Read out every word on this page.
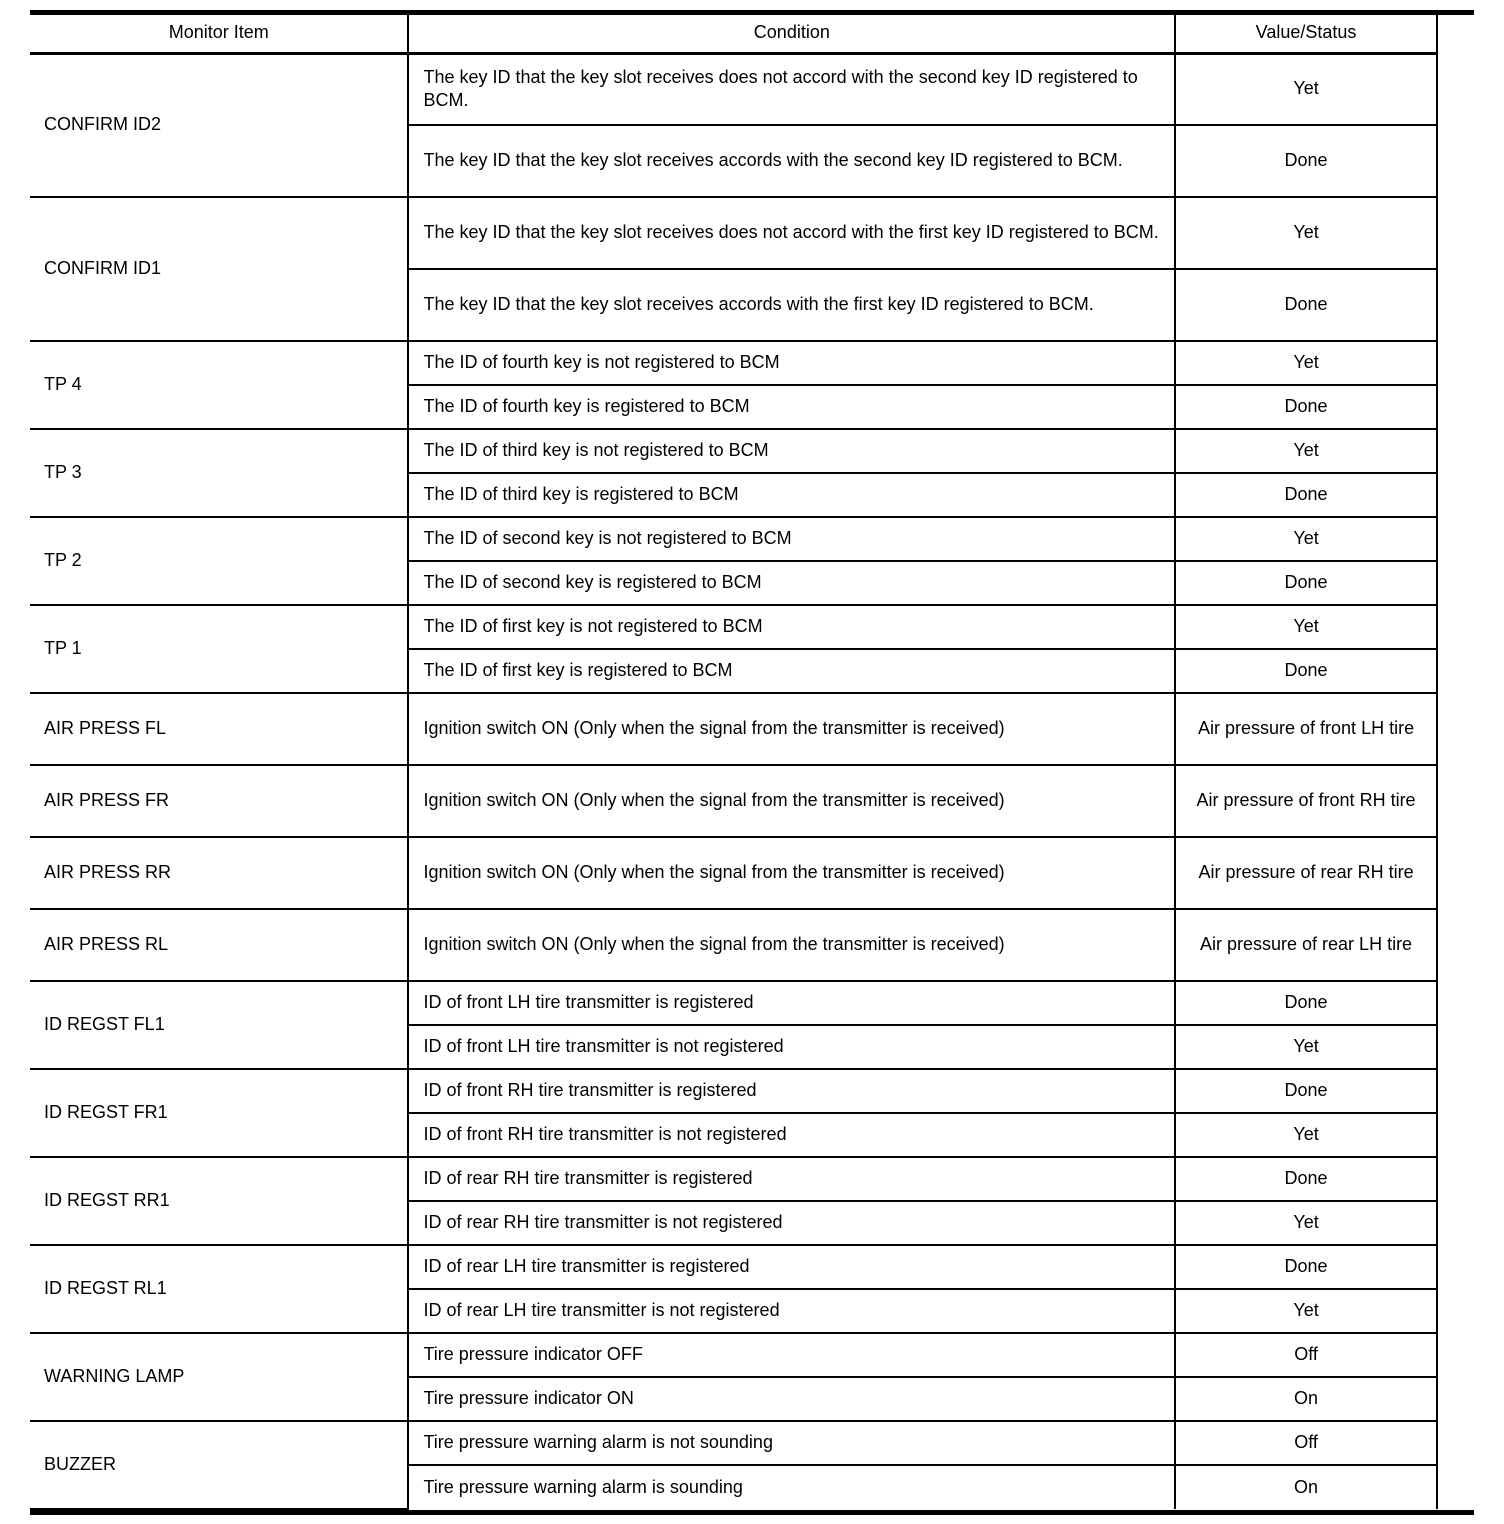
Monitor Item	Condition	Value/Status
CONFIRM ID2	The key ID that the key slot receives does not accord with the second key ID registered to BCM.	Yet
	The key ID that the key slot receives accords with the second key ID registered to BCM.	Done
CONFIRM ID1	The key ID that the key slot receives does not accord with the first key ID registered to BCM.	Yet
	The key ID that the key slot receives accords with the first key ID registered to BCM.	Done
TP 4	The ID of fourth key is not registered to BCM	Yet
	The ID of fourth key is registered to BCM	Done
TP 3	The ID of third key is not registered to BCM	Yet
	The ID of third key is registered to BCM	Done
TP 2	The ID of second key is not registered to BCM	Yet
	The ID of second key is registered to BCM	Done
TP 1	The ID of first key is not registered to BCM	Yet
	The ID of first key is registered to BCM	Done
AIR PRESS FL	Ignition switch ON (Only when the signal from the transmitter is received)	Air pressure of front LH tire
AIR PRESS FR	Ignition switch ON (Only when the signal from the transmitter is received)	Air pressure of front RH tire
AIR PRESS RR	Ignition switch ON (Only when the signal from the transmitter is received)	Air pressure of rear RH tire
AIR PRESS RL	Ignition switch ON (Only when the signal from the transmitter is received)	Air pressure of rear LH tire
ID REGST FL1	ID of front LH tire transmitter is registered	Done
	ID of front LH tire transmitter is not registered	Yet
ID REGST FR1	ID of front RH tire transmitter is registered	Done
	ID of front RH tire transmitter is not registered	Yet
ID REGST RR1	ID of rear RH tire transmitter is registered	Done
	ID of rear RH tire transmitter is not registered	Yet
ID REGST RL1	ID of rear LH tire transmitter is registered	Done
	ID of rear LH tire transmitter is not registered	Yet
WARNING LAMP	Tire pressure indicator OFF	Off
	Tire pressure indicator ON	On
BUZZER	Tire pressure warning alarm is not sounding	Off
	Tire pressure warning alarm is sounding	On
